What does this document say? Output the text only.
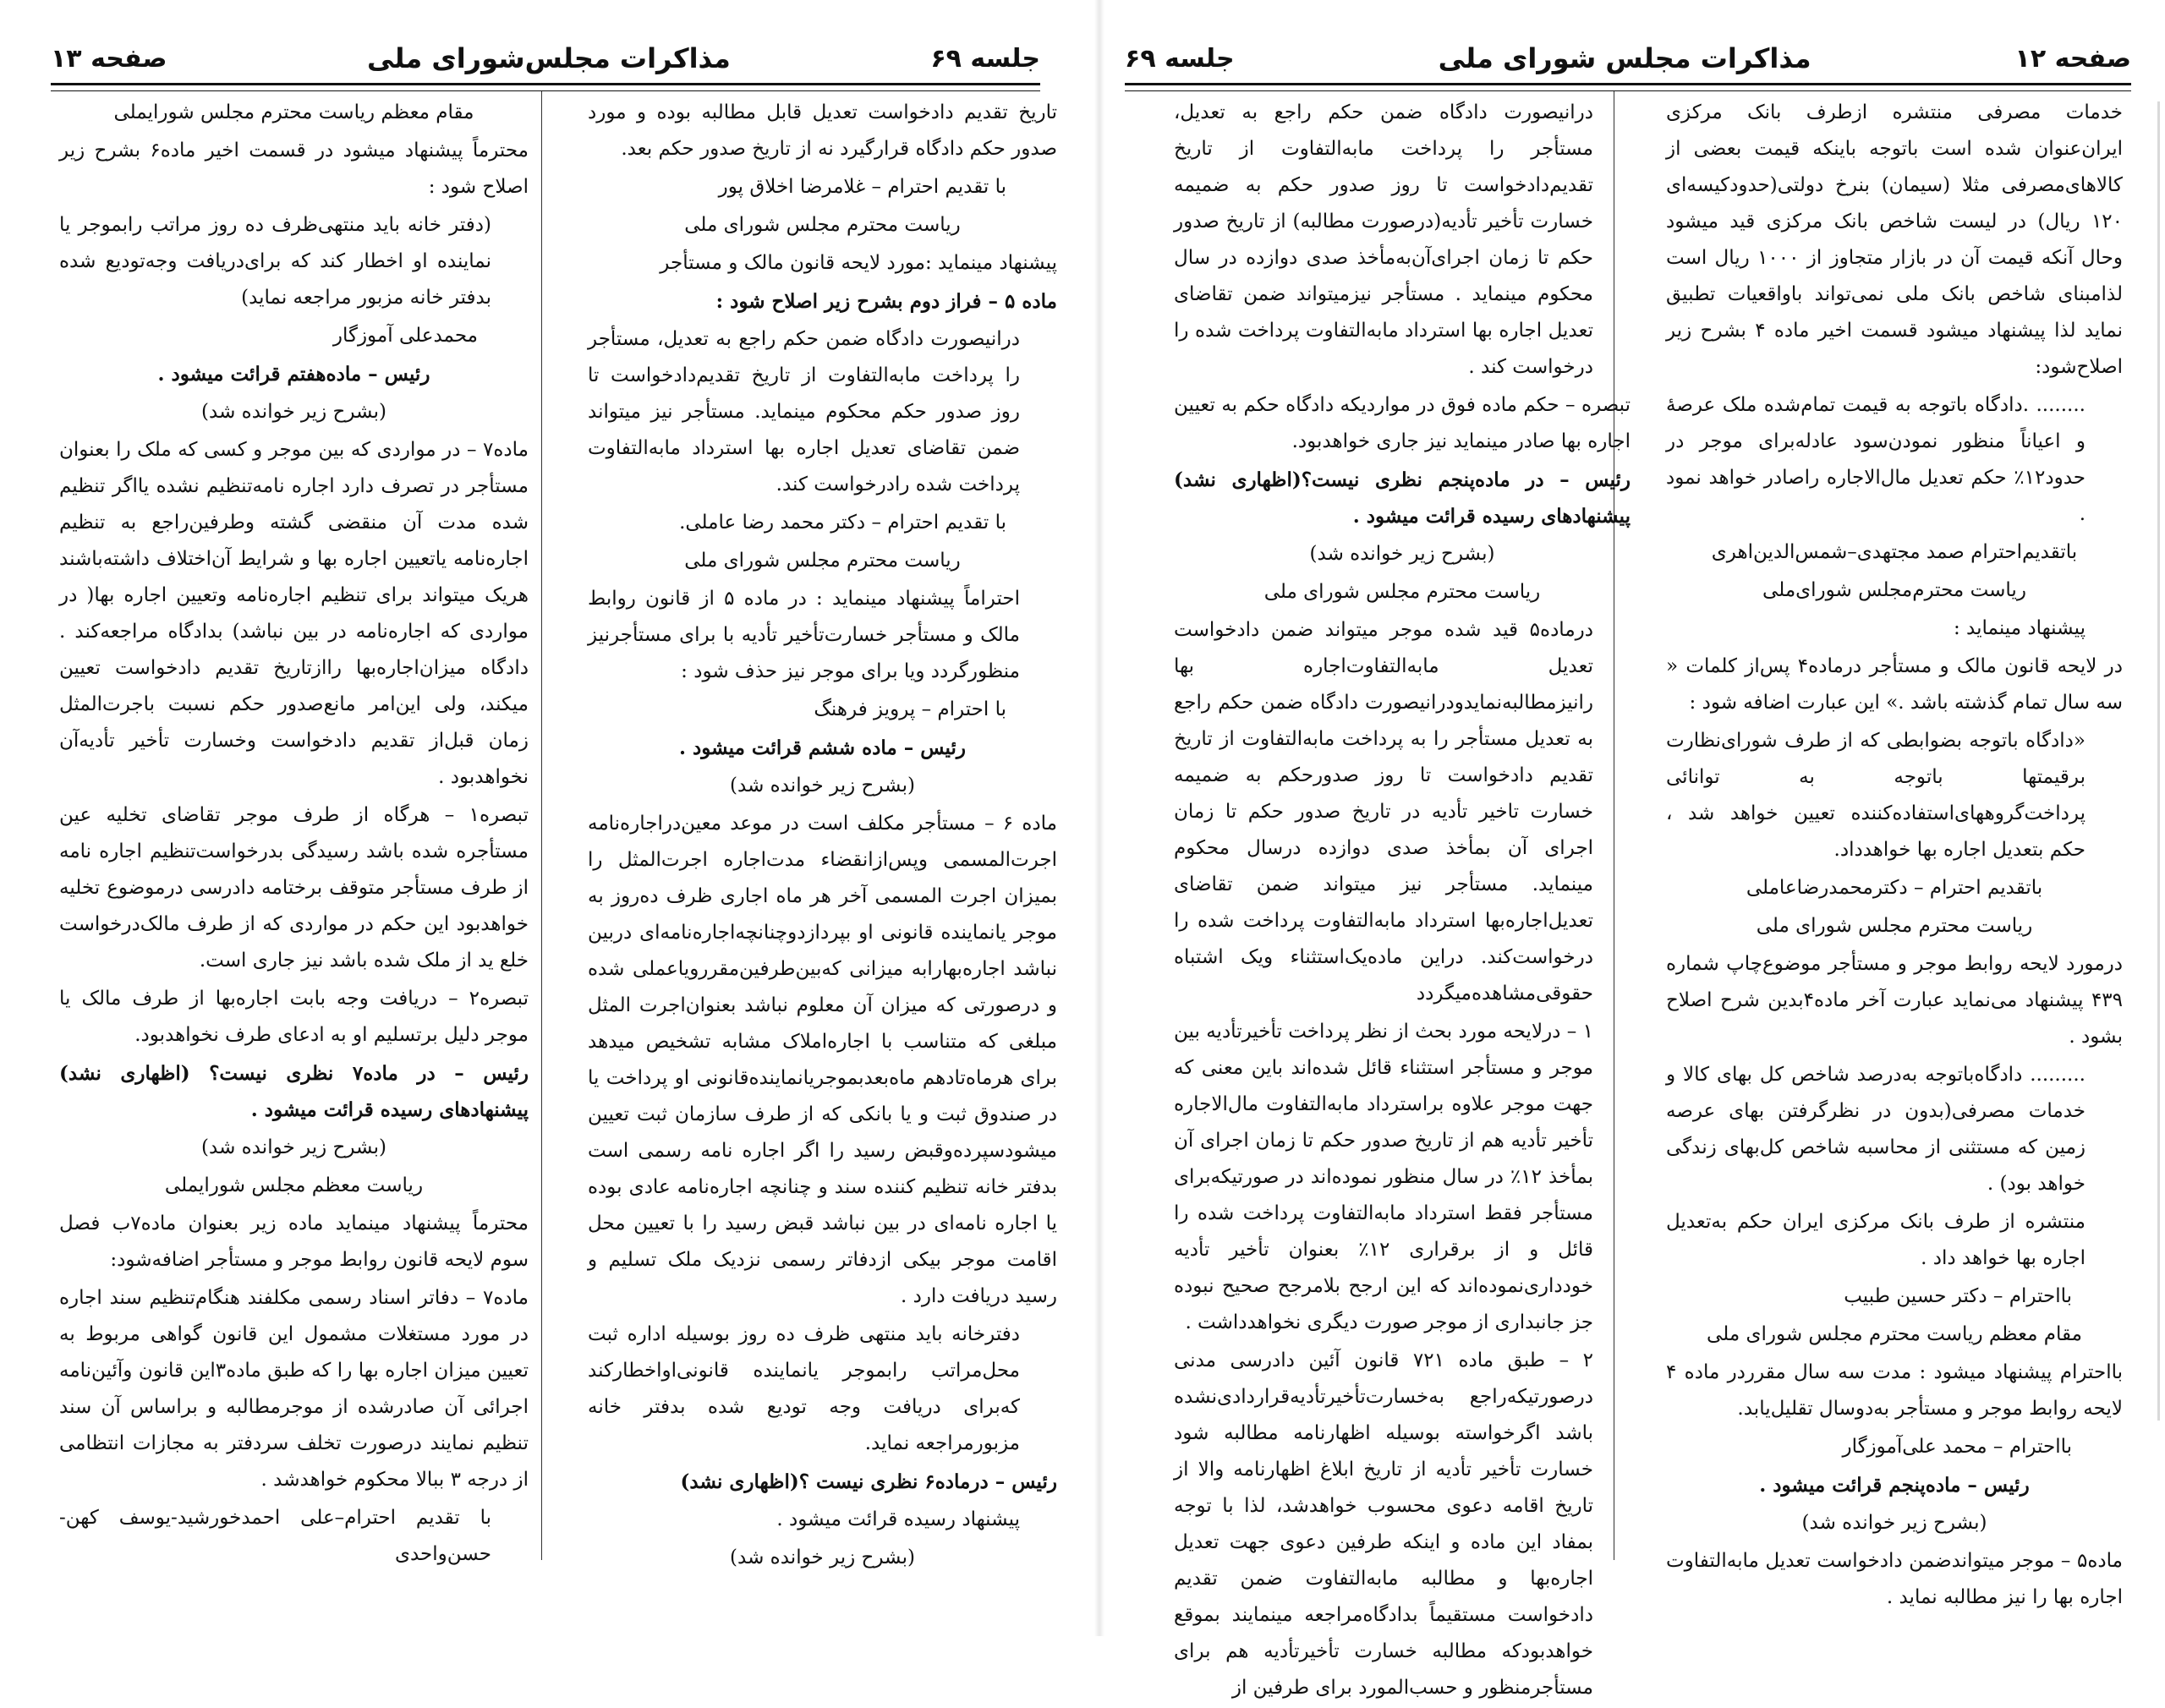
جلسه ۶۹
مذاکرات مجلس‌شورای ملی
صفحه ۱۳

تاریخ تقدیم دادخواست تعدیل قابل مطالبه بوده و مورد صدور حکم دادگاه قرارگیرد نه از تاریخ صدور حکم بعد.

با تقدیم احترام – غلامرضا اخلاق پور

ریاست محترم مجلس شورای ملی

پیشنهاد مینماید :مورد لایحه قانون مالک و مستأجر

ماده ۵ – فراز دوم بشرح زیر اصلاح شود :

درانیصورت دادگاه ضمن حکم راجع به تعدیل، مستأجر را پرداخت مابه‌التفاوت از تاریخ تقدیم‌دادخواست تا روز صدور حکم محکوم مینماید. مستأجر نیز میتواند ضمن تقاضای تعدیل اجاره بها استرداد مابه‌التفاوت پرداخت شده رادرخواست کند.

با تقدیم احترام – دکتر محمد رضا عاملی.

ریاست محترم مجلس شورای ملی

احتراماً پیشنهاد مینماید : در ماده ۵ از قانون روابط مالک و مستأجر خسارت‌تأخیر تأدیه با برای مستأجرنیز منظورگردد ویا برای موجر نیز حذف شود :

با احترام – پرویز فرهنگ

رئیس – ماده ششم قرائت میشود .

(بشرح زیر خوانده شد)

ماده ۶ – مستأجر مکلف است در موعد معین‌دراجاره‌نامه اجرت‌المسمی وپس‌ازانقضاء مدت‌اجاره اجرت‌المثل را بمیزان اجرت المسمی آخر هر ماه اجاری ظرف ده‌روز به موجر یانماینده قانونی او بپردازدوچنانچه‌اجاره‌نامه‌ای دربین نباشد اجاره‌بهارابه میزانی که‌بین‌طرفین‌مقررویاعملی شده و درصورتی که میزان آن معلوم نباشد بعنوان‌اجرت المثل مبلغی که متناسب با اجاره‌املاک مشابه تشخیص میدهد برای هرماه‌تادهم ماه‌بعدبموجر‌یانماینده‌قانونی او پرداخت یا در صندوق ثبت و یا بانکی که از طرف سازمان ثبت تعیین میشودسپرده‌وقبض رسید را اگر اجاره نامه رسمی است بدفتر خانه تنظیم کننده سند و چنانچه اجاره‌نامه عادی بوده یا اجاره نامه‌ای در بین نباشد قبض رسید را با تعیین محل اقامت موجر بیکی ازدفاتر رسمی نزدیک ملک تسلیم و رسید دریافت دارد .

دفترخانه باید منتهی ظرف ده روز بوسیله اداره ثبت محل‌مراتب رابموجر یانماینده قانونی‌اواخطار‌کند که‌برای دریافت وجه تودیع شده بدفتر خانه مزبورمراجعه نماید.

رئیس – درماده۶ نظری نیست ؟(اظهاری نشد)

پیشنهاد رسیده قرائت میشود .

(بشرح زیر خوانده شد)

مقام معظم ریاست محترم مجلس شورایملی

محترماً پیشنهاد میشود در قسمت اخیر ماده۶ بشرح زیر اصلاح شود :

(دفتر خانه باید منتهی‌ظرف ده روز مراتب رابموجر یا نماینده او اخطار کند که برای‌دریافت وجه‌تودیع شده بدفتر خانه مزبور مراجعه نماید)

محمدعلی آموزگار

رئیس – ماده‌هفتم قرائت میشود .

(بشرح زیر خوانده شد)

ماده۷ – در مواردی که بین موجر و کسی که ملک را بعنوان مستأجر در تصرف دارد اجاره نامه‌تنظیم نشده یااگر تنظیم شده مدت آن منقضی گشته وطرفین‌راجع به تنظیم اجاره‌نامه یاتعیین اجاره بها و شرایط آن‌اختلاف داشته‌باشند هریک میتواند برای تنظیم اجاره‌نامه وتعیین اجاره بها( در مواردی که اجاره‌نامه در بین نباشد) بدادگاه مراجعه‌کند . دادگاه میزان‌اجاره‌بها رااز‌تاریخ تقدیم دادخواست تعیین میکند، ولی این‌امر مانع‌صدور حکم نسبت باجرت‌المثل زمان قبل‌از تقدیم دادخواست وخسارت تأخیر تأدیه‌آن نخواهدبود .

تبصره۱ – هرگاه از طرف موجر تقاضای تخلیه عین مستأجره شده باشد رسیدگی بدرخواست‌تنظیم اجاره نامه از طرف مستأجر متوقف برختامه دادرسی درموضوع تخلیه خواهدبود این حکم در مواردی که از طرف مالک‌درخواست خلع ید از ملک شده باشد نیز جاری است.

تبصره۲ – دریافت وجه بابت اجاره‌بها از طرف مالک یا موجر دلیل برتسلیم او به ادعای طرف نخواهدبود.

رئیس – در ماده۷ نظری نیست؟ (اظهاری نشد) پیشنهادهای رسیده قرائت میشود .

(بشرح زیر خوانده شد)

ریاست معظم مجلس شورایملی

محترماً پیشنهاد مینماید ماده زیر بعنوان ماده۷ب فصل سوم لایحه قانون روابط موجر و مستأجر اضافه‌شود:

ماده۷ – دفاتر اسناد رسمی مکلفند هنگام‌تنظیم سند اجاره در مورد مستغلات مشمول این قانون گواهی مربوط به تعیین میزان اجاره بها را که طبق ماده۳این قانون وآئین‌نامه اجرائی آن صادرشده از موجرمطالبه و براساس آن سند تنظیم نمایند درصورت تخلف سردفتر به مجازات انتظامی از درجه ۳ ببالا محکوم خواهدشد .

با تقدیم احترام–علی احمدخورشید-یوسف کهن-حسن‌واحدی

صفحه ۱۲
مذاکرات مجلس شورای ملی
جلسه ۶۹

خدمات مصرفی منتشره ازطرف بانک مرکزی ایران‌عنوان شده است باتوجه باینکه قیمت بعضی از کالاهای‌مصرفی مثلا (سیمان) بنرخ دولتی(حدودکیسه‌ای ۱۲۰ ریال) در لیست شاخص بانک مرکزی قید میشود وحال آنکه قیمت آن در بازار متجاوز از ۱۰۰۰ ریال است لذامبنای شاخص بانک ملی نمی‌تواند باواقعیات تطبیق نماید لذا پیشنهاد میشود قسمت اخیر ماده ۴ بشرح زیر اصلاح‌شود:

........ .دادگاه باتوجه به قیمت تمام‌شده ملک عرصهٔ و اعیاناً منظور نمودن‌سود عادله‌برای موجر در حدود۱۲٪ حکم تعدیل مال‌الاجاره راصادر خواهد نمود .

باتقدیم‌احترام صمد مجتهدی–شمس‌الدین‌اهری

ریاست محترم‌مجلس شورای‌ملی

پیشنهاد مینماید :

در لایحه قانون مالک و مستأجر درماده۴ پس‌از کلمات « سه سال تمام گذشته باشد .» این عبارت اضافه شود :

«دادگاه باتوجه بضوابطی که از طرف شورای‌نظارت برقیمتها باتوجه به توانائی پرداخت‌گروههای‌استفاده‌کننده تعیین خواهد شد ، حکم بتعدیل اجاره بها خواهدداد.

باتقدیم احترام – دکترمحمدرضاعاملی

ریاست محترم مجلس شورای ملی

درمورد لایحه روابط موجر و مستأجر موضوع‌چاپ شماره ۴۳۹ پیشنهاد می‌نماید عبارت آخر ماده۴بدین شرح اصلاح بشود .

......... دادگاه‌باتوجه به‌درصد شاخص کل بهای کالا و خدمات مصرفی(بدون در نظرگرفتن بهای عرصه زمین که مستثنی از محاسبه شاخص کل‌بهای زندگی خواهد بود) .

منتشره از طرف بانک مرکزی ایران حکم به‌تعدیل اجاره بها خواهد داد .

بااحترام – دکتر حسین طبیب

مقام معظم ریاست محترم مجلس شورای ملی

بااحترام پیشنهاد میشود : مدت سه سال مقرردر ماده ۴ لایحه روابط موجر و مستأجر به‌دوسال تقلیل‌یابد.

بااحترام – محمد علی‌آموزگار

رئیس – ماده‌پنجم قرائت میشود .

(بشرح زیر خوانده شد)

ماده۵ – موجر میتواندضمن دادخواست تعدیل مابه‌التفاوت اجاره بها را نیز مطالبه نماید .

درانیصورت دادگاه ضمن حکم راجع به تعدیل، مستأجر را پرداخت مابه‌التفاوت از تاریخ تقدیم‌دادخواست تا روز صدور حکم به ضمیمه خسارت تأخیر تأدیه(درصورت مطالبه) از تاریخ صدور حکم تا زمان اجرای‌آن‌به‌مأخذ صدی دوازده در سال محکوم مینماید . مستأجر نیزمیتواند ضمن تقاضای تعدیل اجاره بها استرداد مابه‌التفاوت پرداخت شده را درخواست کند .

تبصره – حکم ماده فوق در مواردیکه دادگاه حکم به تعیین اجاره بها صادر مینماید نیز جاری خواهدبود.

رئیس – در ماده‌پنجم نظری نیست؟(اظهاری نشد) پیشنهادهای رسیده قرائت میشود .

(بشرح زیر خوانده شد)

ریاست محترم مجلس شورای ملی

درماده۵ قید شده موجر میتواند ضمن دادخواست تعدیل مابه‌التفاوت‌اجاره بها رانیزمطالبه‌نمایدو‌درانیصورت دادگاه ضمن حکم راجع به تعدیل مستأجر را به پرداخت مابه‌التفاوت از تاریخ تقدیم دادخواست تا روز صدورحکم به ضمیمه خسارت تاخیر تأدیه در تاریخ صدور حکم تا زمان اجرای آن بمأخذ صدی دوازده درسال محکوم مینماید. مستأجر نیز میتواند ضمن تقاضای تعدیل‌اجاره‌بها استرداد مابه‌التفاوت پرداخت شده را درخواست‌کند. دراین ماده‌یک‌استثناء ویک اشتباه حقوقی‌مشاهده‌میگردد

۱ – درلایحه مورد بحث از نظر پرداخت تأخیرتأدیه بین موجر و مستأجر استثناء قائل شده‌اند باین معنی که جهت موجر علاوه براسترداد مابه‌التفاوت مال‌الاجاره تأخیر تأدیه هم از تاریخ صدور حکم تا زمان اجرای آن بمأخذ ۱۲٪ در سال منظور نموده‌اند در صورتیکه‌برای مستأجر فقط استرداد مابه‌التفاوت پرداخت شده را قائل و از برقراری ۱۲٪ بعنوان تأخیر تأدیه خودداری‌نموده‌اند که این ارجح بلامرجح صحیح نبوده جز جانبداری از موجر صورت دیگری نخواهدداشت .

۲ – طبق ماده ۷۲۱ قانون آئین دادرسی مدنی درصورتیکه‌راجع به‌خسارت‌تأخیرتأدیه‌قراردادی‌نشده باشد اگرخواسته بوسیله اظهارنامه مطالبه شود خسارت تأخیر تأدیه از تاریخ ابلاغ اظهارنامه والا از تاریخ اقامه دعوی محسوب خواهدشد، لذا با توجه بمفاد این ماده و اینکه طرفین دعوی جهت تعدیل اجاره‌بها و مطالبه مابه‌التفاوت ضمن تقدیم دادخواست مستقیماً بدادگاه‌مراجعه مینمایند بموقع خواهدبودکه مطالبه خسارت تأخیرتأدیه هم برای مستأجرمنظور و حسب‌المورد برای طرفین از
